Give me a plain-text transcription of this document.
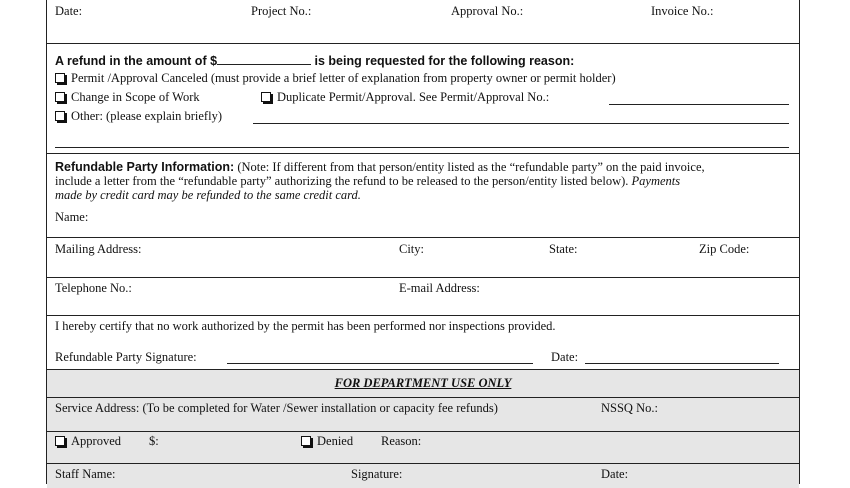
Date:	Project No.:	Approval No.:	Invoice No.:
A refund in the amount of $	is being requested for the following reason:
Permit /Approval Canceled (must provide a brief letter of explanation from property owner or permit holder)
Change in Scope of Work	Duplicate Permit/Approval. See Permit/Approval No.:
Other: (please explain briefly)
Refundable Party Information: (Note: If different from that person/entity listed as the “refundable party” on the paid invoice,
include a letter from the “refundable party” authorizing the refund to be released to the person/entity listed below). Payments
made by credit card may be refunded to the same credit card.
Name:
Mailing Address:	City:	State:	Zip Code:
Telephone No.:	E-mail Address:
I hereby certify that no work authorized by the permit has been performed nor inspections provided.
Refundable Party Signature:	Date:
FOR DEPARTMENT USE ONLY
Service Address: (To be completed for Water /Sewer installation or capacity fee refunds)	NSSQ No.:
Approved $:	Denied Reason:
Staff Name:	Signature:	Date:
